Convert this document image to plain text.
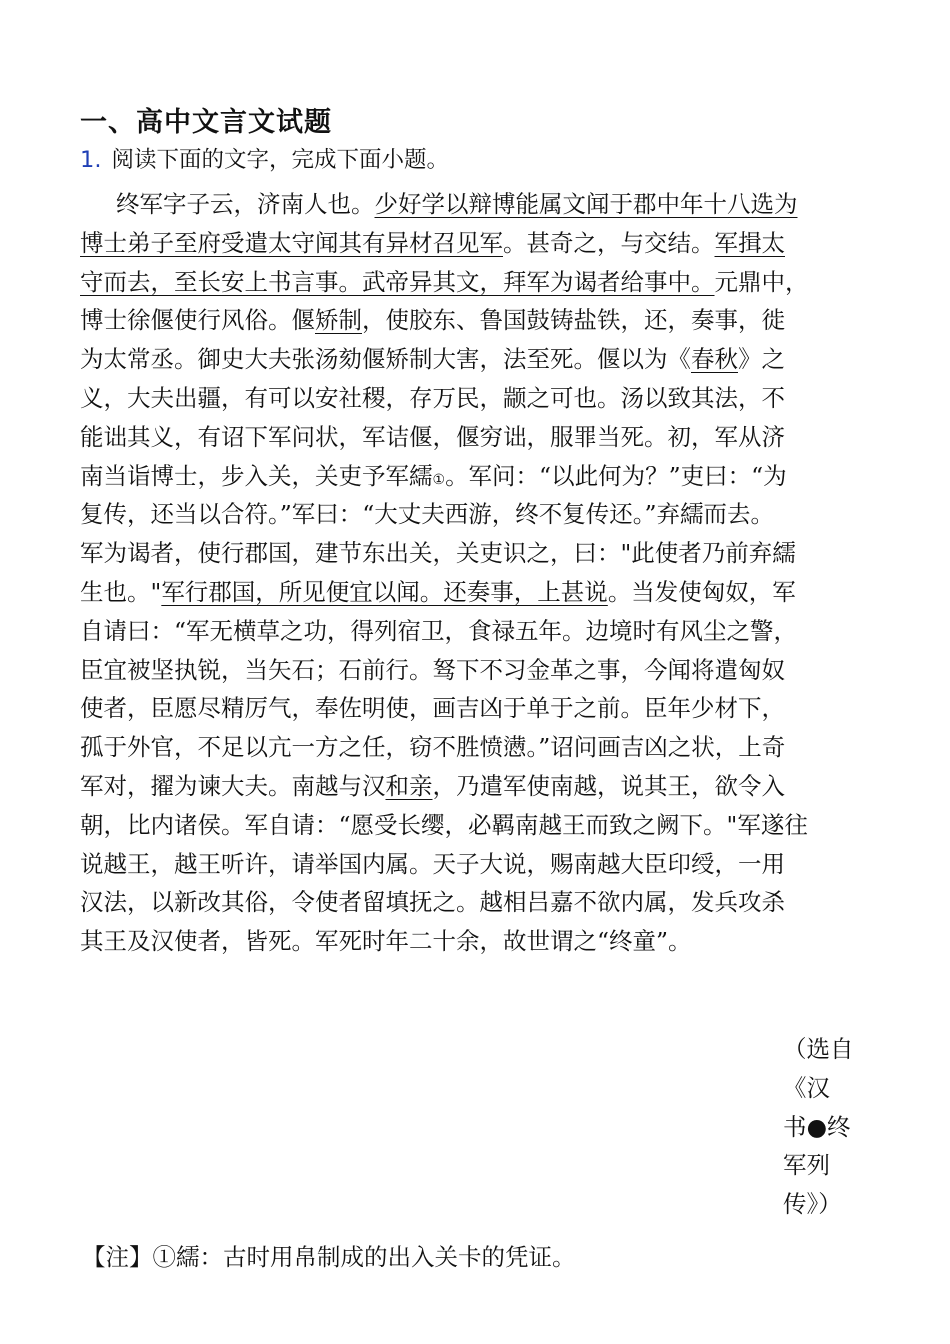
一、高中文言文试题

1. 阅读下面的文字，完成下面小题。

终军字子云，济南人也。少好学以辩博能属文闻于郡中年十八选为
博士弟子至府受遣太守闻其有异材召见军。甚奇之，与交结。军揖太
守而去，至长安上书言事。武帝异其文，拜军为谒者给事中。元鼎中，
博士徐偃使行风俗。偃矫制，使胶东、鲁国鼓铸盐铁，还，奏事，徙
为太常丞。御史大夫张汤劾偃矫制大害，法至死。偃以为《春秋》之
义，大夫出疆，有可以安社稷，存万民，颛之可也。汤以致其法，不
能诎其义，有诏下军问状，军诘偃，偃穷诎，服罪当死。初，军从济
南当诣博士，步入关，关吏予军繻①。军问：“以此何为？”吏曰：“为
复传，还当以合符。”军曰：“大丈夫西游，终不复传还。”弃繻而去。
军为谒者，使行郡国，建节东出关，关吏识之，曰："此使者乃前弃繻
生也。"军行郡国，所见便宜以闻。还奏事，上甚说。当发使匈奴，军
自请曰：“军无横草之功，得列宿卫，食禄五年。边境时有风尘之警，
臣宜被坚执锐，当矢石；石前行。驽下不习金革之事，今闻将遣匈奴
使者，臣愿尽精厉气，奉佐明使，画吉凶于单于之前。臣年少材下，
孤于外官，不足以亢一方之任，窃不胜愤懑。”诏问画吉凶之状，上奇
军对，擢为谏大夫。南越与汉和亲，乃遣军使南越，说其王，欲令入
朝，比内诸侯。军自请：“愿受长缨，必羁南越王而致之阙下。"军遂往
说越王，越王听许，请举国内属。天子大说，赐南越大臣印绶，一用
汉法，以新改其俗，令使者留填抚之。越相吕嘉不欲内属，发兵攻杀
其王及汉使者，皆死。军死时年二十余，故世谓之“终童”。
（选自
《汉
书●终
军列
传》）

【注】①繻：古时用帛制成的出入关卡的凭证。
